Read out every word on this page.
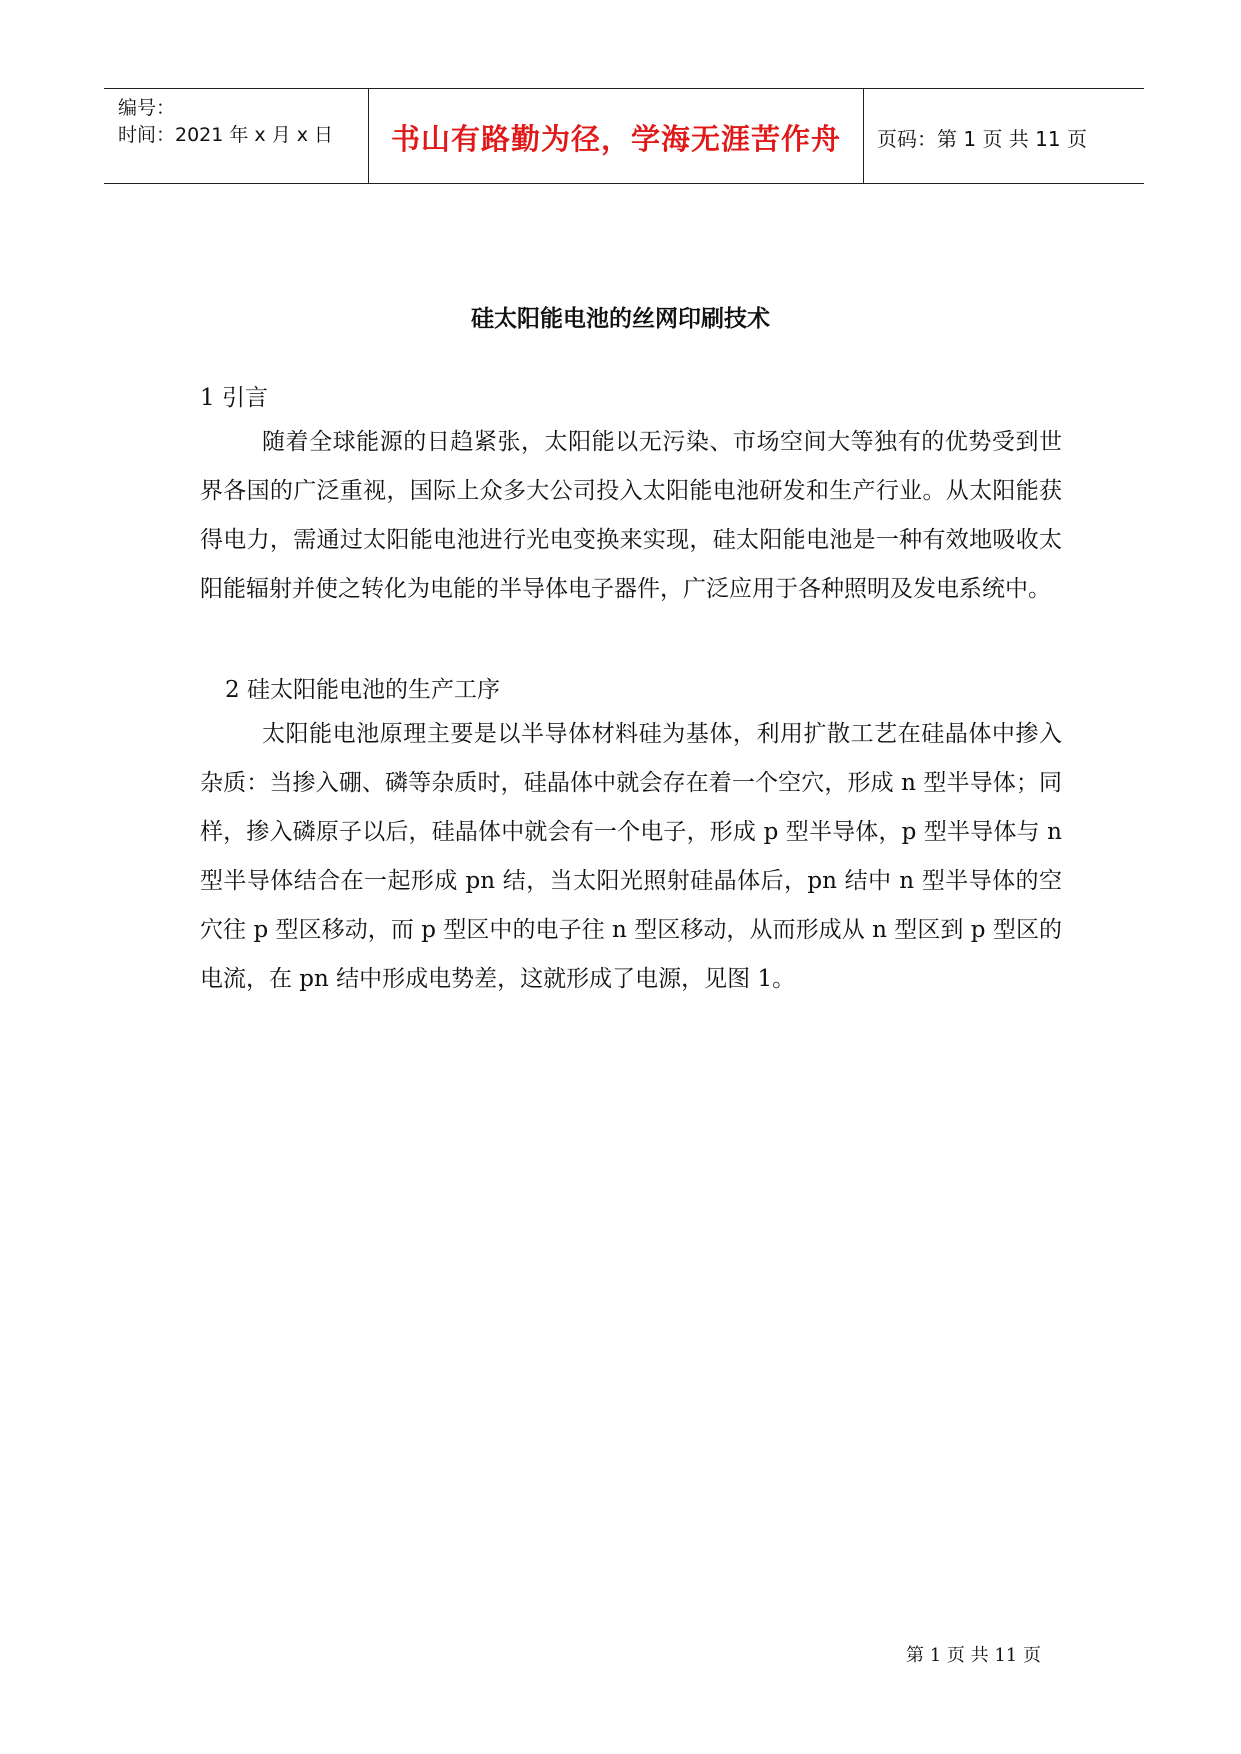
编号：
时间：2021 年 x 月 x 日	书山有路勤为径，学海无涯苦作舟	页码：第 1 页 共 11 页
硅太阳能电池的丝网印刷技术
1 引言
随着全球能源的日趋紧张，太阳能以无污染、市场空间大等独有的优势受到世界各国的广泛重视，国际上众多大公司投入太阳能电池研发和生产行业。从太阳能获得电力，需通过太阳能电池进行光电变换来实现，硅太阳能电池是一种有效地吸收太阳能辐射并使之转化为电能的半导体电子器件，广泛应用于各种照明及发电系统中。
2 硅太阳能电池的生产工序
太阳能电池原理主要是以半导体材料硅为基体，利用扩散工艺在硅晶体中掺入杂质：当掺入硼、磷等杂质时，硅晶体中就会存在着一个空穴，形成 n 型半导体；同样，掺入磷原子以后，硅晶体中就会有一个电子，形成 p 型半导体，p 型半导体与 n 型半导体结合在一起形成 pn 结，当太阳光照射硅晶体后，pn 结中 n 型半导体的空穴往 p 型区移动，而 p 型区中的电子往 n 型区移动，从而形成从 n 型区到 p 型区的电流，在 pn 结中形成电势差，这就形成了电源，见图 1。
第 1 页 共 11 页
